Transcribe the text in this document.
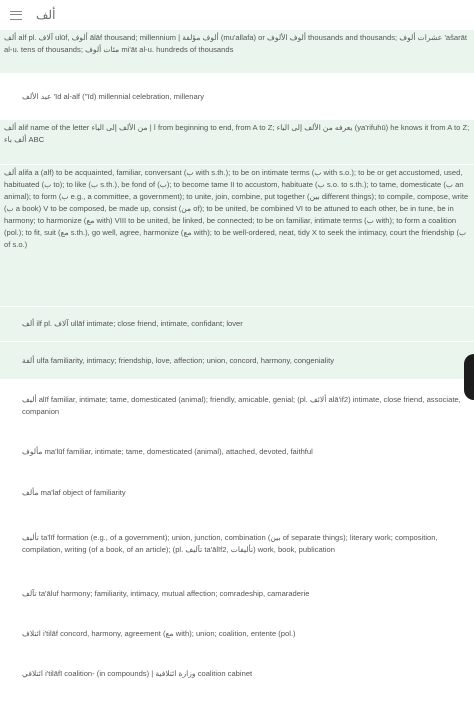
ألف
ألف alf pl. آلاف ulūf, ألوف ālāf thousand; millennium | ألوف مؤلفة (mu'allafa) or ألوف الألوف thousands and thousands; عشرات ألوف 'ašarāt al-u. tens of thousands; مئات ألوف mi'āt al-u. hundreds of thousands
عيد الألف 'īd al-alf (''īd) millennial celebration, millenary
ألف alif name of the letter ا | من الألف إلى الياء from beginning to end, from A to Z; يعرفه من الألف إلى الياء (ya'rifuhū) he knows it from A to Z; ألف باء ABC
ألف alifa a (alf) to be acquainted, familiar, conversant (ب with s.th.); to be on intimate terms (ب with s.o.); to be or get accustomed, used, habituated (ب to); to like (ب s.th.), be fond of (ب); to become tame II to accustom, habituate (ب s.o. to s.th.); to tame, domesticate (ب an animal); to form (ب e.g., a committee, a government); to unite, join, combine, put together (بين different things); to compile, compose, write (ب a book) V to be composed, be made up, consist (من of); to be united, be combined VI to be attuned to each other, be in tune, be in harmony; to harmonize (مع with) VIII to be united, be linked, be connected; to be on familiar, intimate terms (ب with); to form a coalition (pol.); to fit, suit (مع s.th.), go well, agree, harmonize (مع with); to be well-ordered, neat, tidy X to seek the intimacy, court the friendship (ب of s.o.)
ألف ilf pl. آلاف ullāf intimate; close friend, intimate, confidant; lover
ألفة ulfa familiarity, intimacy; friendship, love, affection; union, concord, harmony, congeniality
أليف alīf familiar, intimate; tame, domesticated (animal); friendly, amicable, genial; (pl. ألائف alā'if2) intimate, close friend, associate, companion
مألوف ma'lūf familiar, intimate; tame, domesticated (animal), attached, devoted, faithful
مألف ma'laf object of familiarity
تأليف ta'līf formation (e.g., of a government); union, junction, combination (بين of separate things); literary work; composition, compilation, writing (of a book, of an article); (pl. تآليف ta'ālīf2, تأليفات) work, book, publication
تآلف ta'āluf harmony; familiarity, intimacy, mutual affection; comradeship, camaraderie
ائتلاف i'tilāf concord, harmony, agreement (مع with); union; coalition, entente (pol.)
ائتلافي i'tilāfī coalition- (in compounds) | وزارة ائتلافية coalition cabinet
